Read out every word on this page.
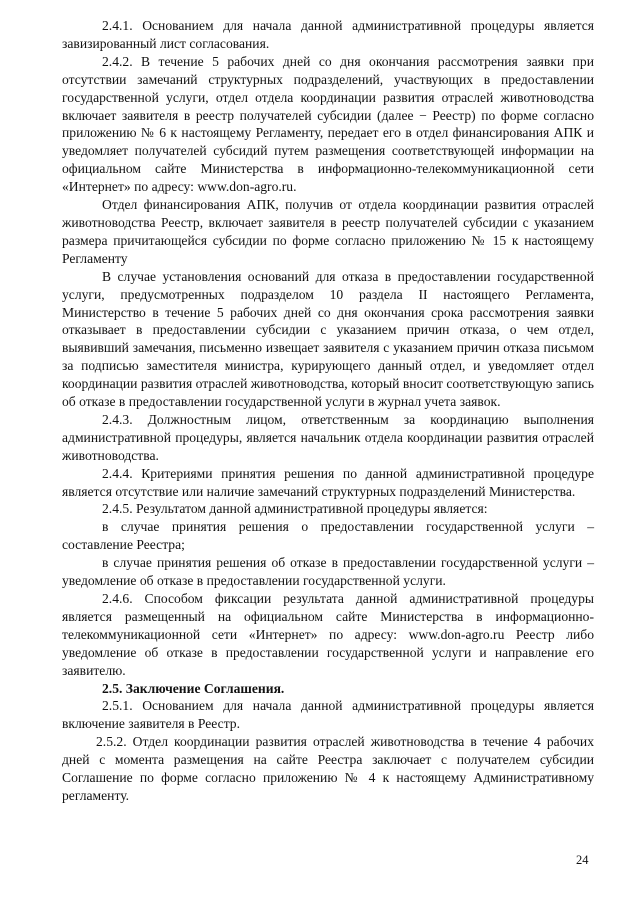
2.4.1. Основанием для начала данной административной процедуры является завизированный лист согласования.

2.4.2. В течение 5 рабочих дней со дня окончания рассмотрения заявки при отсутствии замечаний структурных подразделений, участвующих в предоставлении государственной услуги, отдел отдела координации развития отраслей животноводства включает заявителя в реестр получателей субсидии (далее − Реестр) по форме согласно приложению № 6 к настоящему Регламенту, передает его в отдел финансирования АПК и уведомляет получателей субсидий путем размещения соответствующей информации на официальном сайте Министерства в информационно-телекоммуникационной сети «Интернет» по адресу: www.don-agro.ru.

Отдел финансирования АПК, получив от отдела координации развития отраслей животноводства Реестр, включает заявителя в реестр получателей субсидии с указанием размера причитающейся субсидии по форме согласно приложению № 15 к настоящему Регламенту

В случае установления оснований для отказа в предоставлении государственной услуги, предусмотренных подразделом 10 раздела II настоящего Регламента, Министерство в течение 5 рабочих дней со дня окончания срока рассмотрения заявки отказывает в предоставлении субсидии с указанием причин отказа, о чем отдел, выявивший замечания, письменно извещает заявителя с указанием причин отказа письмом за подписью заместителя министра, курирующего данный отдел, и уведомляет отдел координации развития отраслей животноводства, который вносит соответствующую запись об отказе в предоставлении государственной услуги в журнал учета заявок.

2.4.3. Должностным лицом, ответственным за координацию выполнения административной процедуры, является начальник отдела координации развития отраслей животноводства.

2.4.4. Критериями принятия решения по данной административной процедуре является отсутствие или наличие замечаний структурных подразделений Министерства.

2.4.5. Результатом данной административной процедуры является:

в случае принятия решения о предоставлении государственной услуги – составление Реестра;

в случае принятия решения об отказе в предоставлении государственной услуги – уведомление об отказе в предоставлении государственной услуги.

2.4.6. Способом фиксации результата данной административной процедуры является размещенный на официальном сайте Министерства в информационно-телекоммуникационной сети «Интернет» по адресу: www.don-agro.ru Реестр либо уведомление об отказе в предоставлении государственной услуги и направление его заявителю.

2.5. Заключение Соглашения.

2.5.1. Основанием для начала данной административной процедуры является включение заявителя в Реестр.

2.5.2. Отдел координации развития отраслей животноводства в течение 4 рабочих дней с момента размещения на сайте Реестра заключает с получателем субсидии Соглашение по форме согласно приложению № 4 к настоящему Административному регламенту.

24
